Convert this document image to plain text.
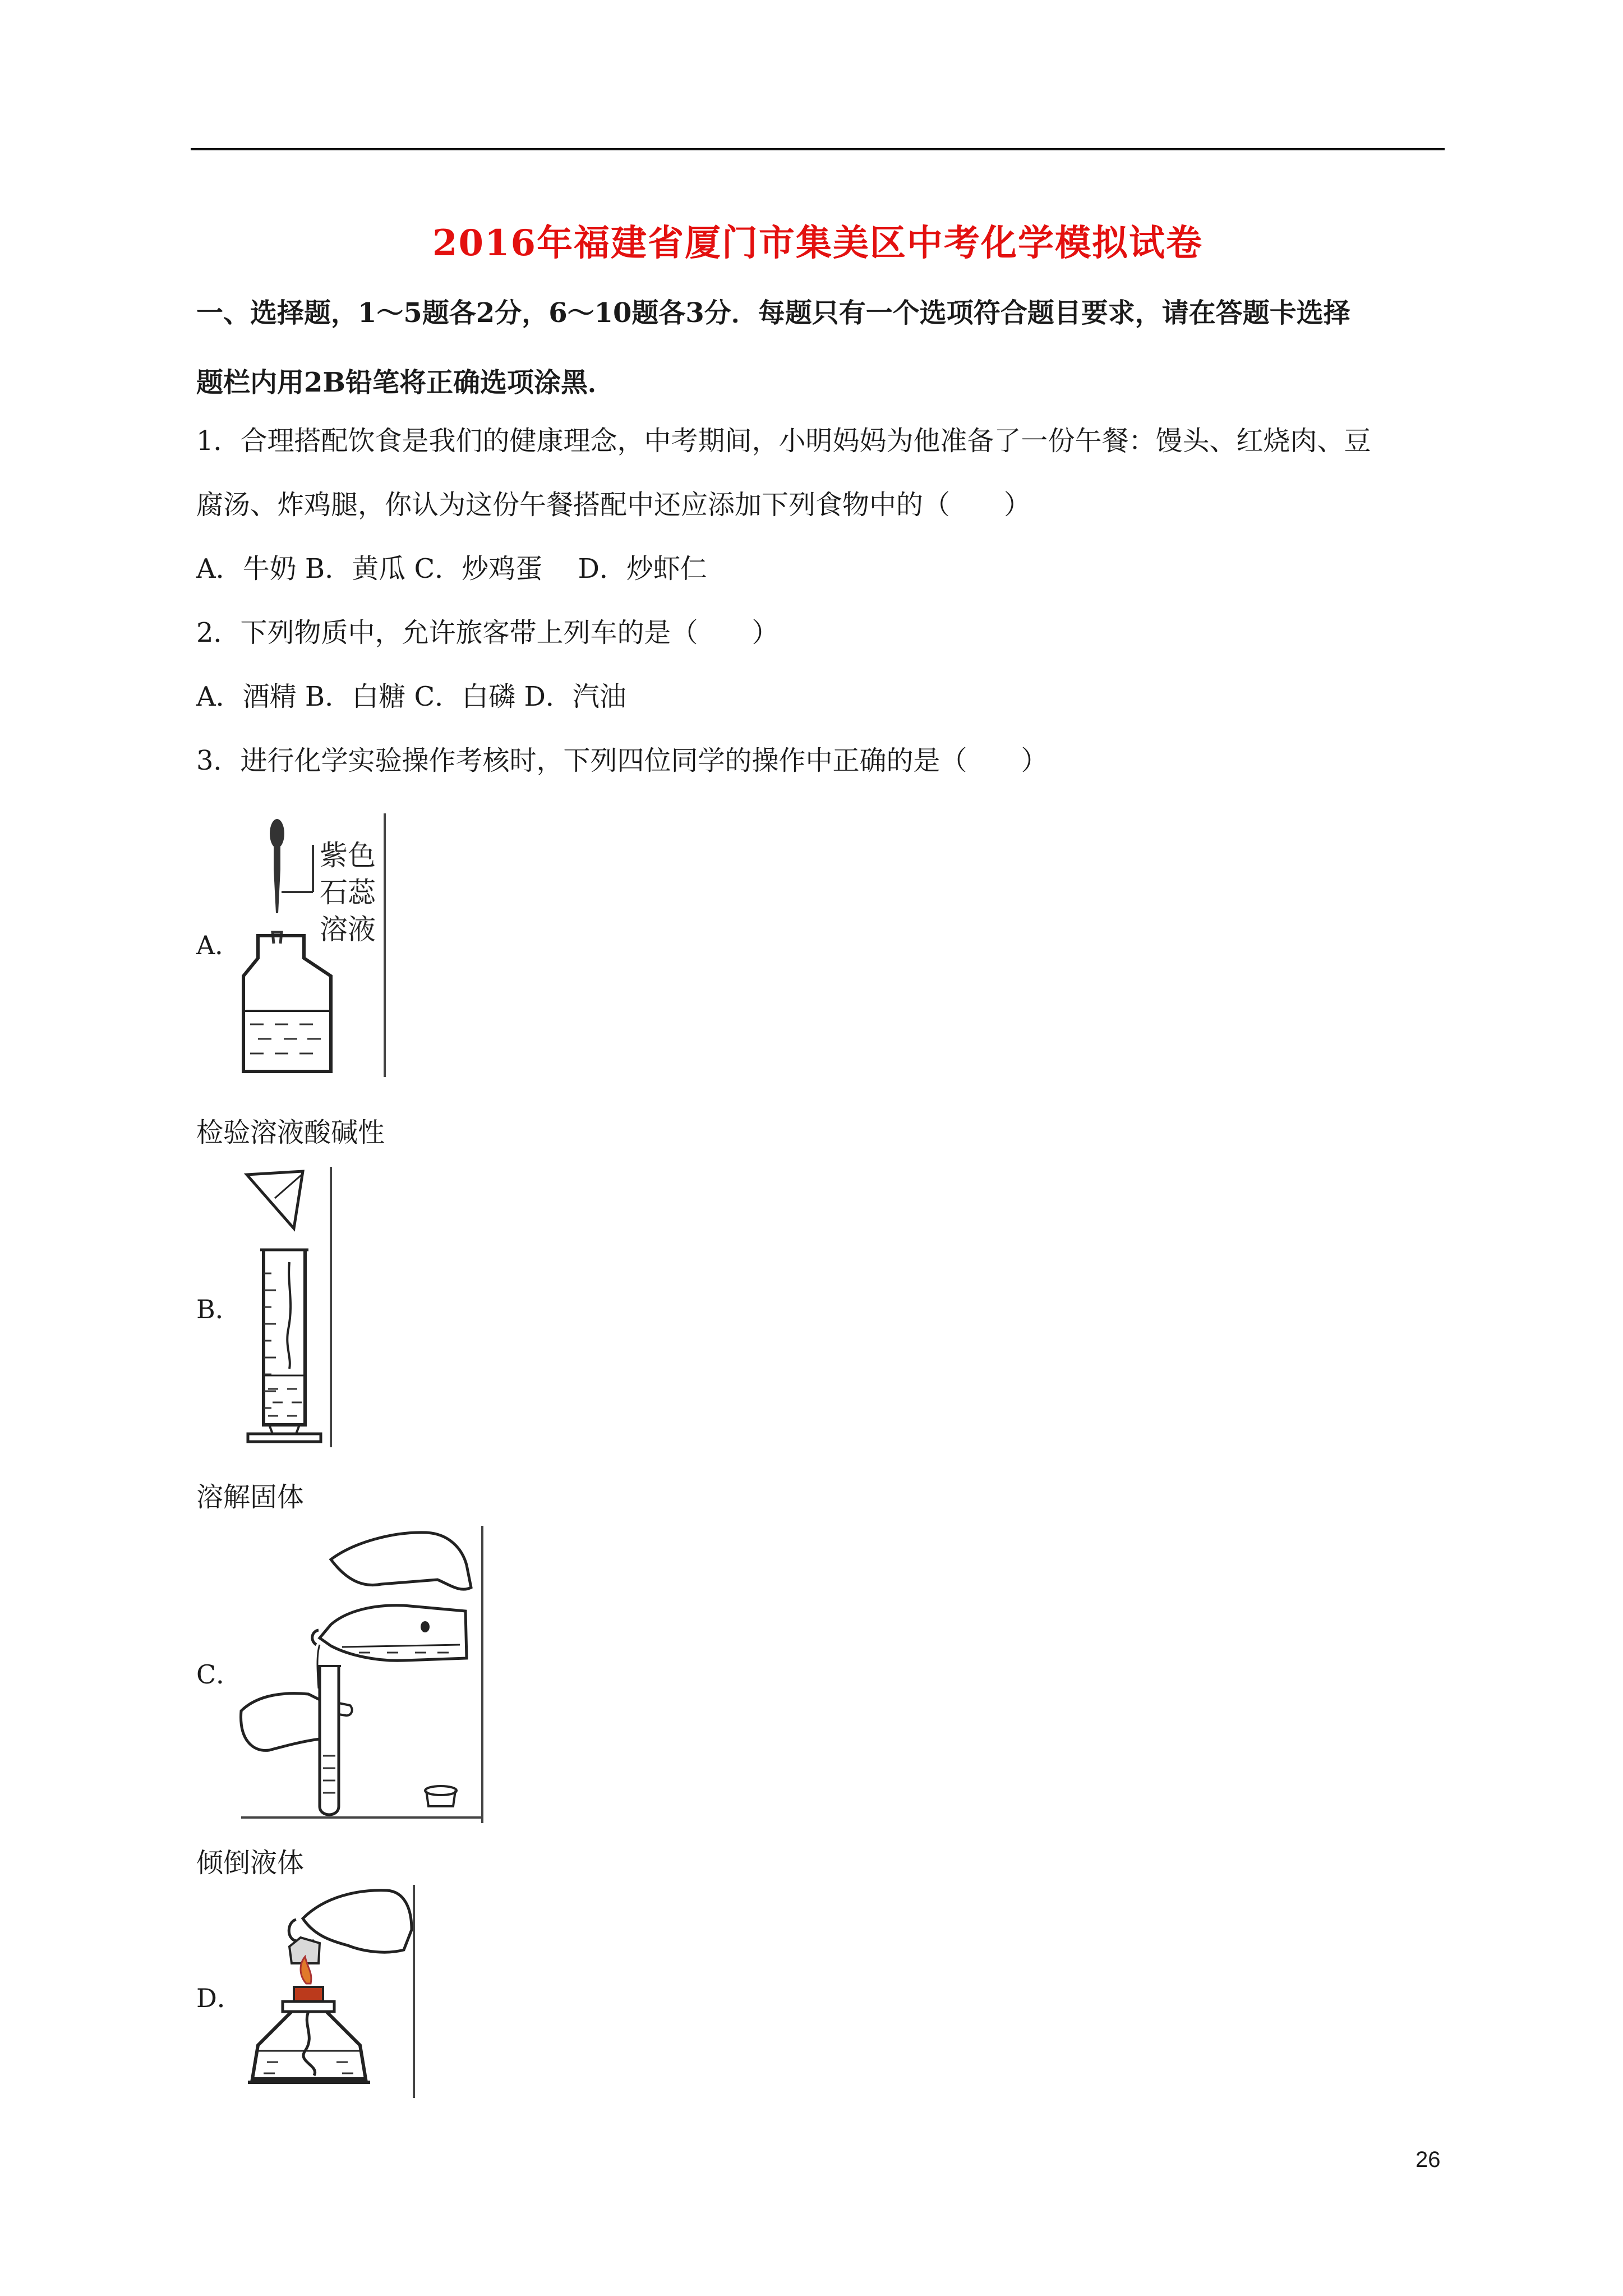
2016年福建省厦门市集美区中考化学模拟试卷
一、选择题，1～5题各2分，6～10题各3分．每题只有一个选项符合题目要求，请在答题卡选择
题栏内用2B铅笔将正确选项涂黑．
1．合理搭配饮食是我们的健康理念，中考期间，小明妈妈为他准备了一份午餐：馒头、红烧肉、豆
腐汤、炸鸡腿，你认为这份午餐搭配中还应添加下列食物中的（　　）
A．牛奶 B．黄瓜 C．炒鸡蛋　 D．炒虾仁
2．下列物质中，允许旅客带上列车的是（　　）
A．酒精 B．白糖 C．白磷 D．汽油
3．进行化学实验操作考核时，下列四位同学的操作中正确的是（　　）
A．
紫色
石蕊
溶液
检验溶液酸碱性
B．
溶解固体
C．
倾倒液体
D．
26
